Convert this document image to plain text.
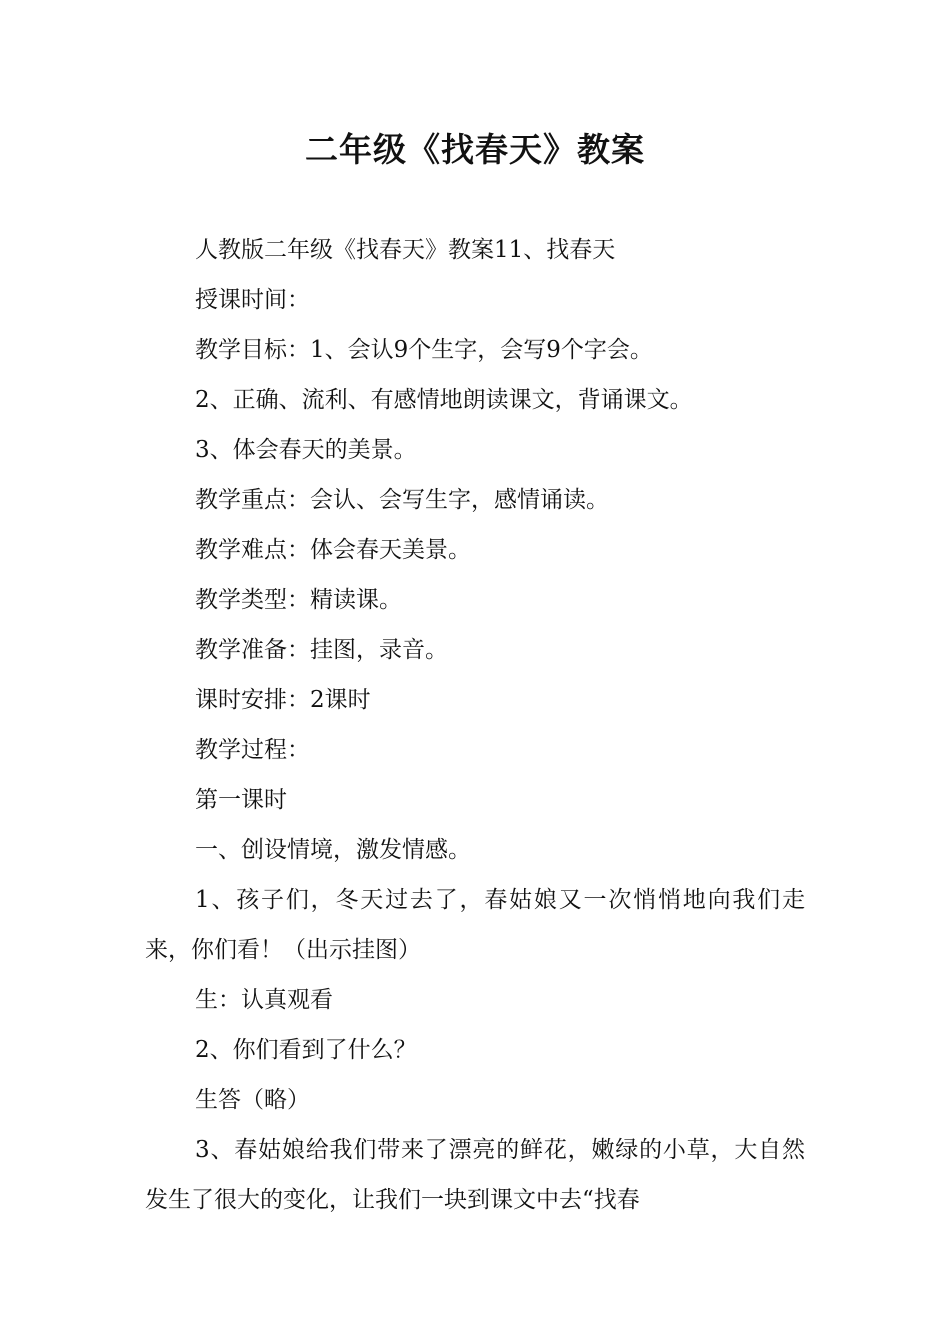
二年级《找春天》教案

人教版二年级《找春天》教案11、找春天

授课时间：

教学目标：1、会认9个生字，会写9个字会。

2、正确、流利、有感情地朗读课文，背诵课文。

3、体会春天的美景。

教学重点：会认、会写生字，感情诵读。

教学难点：体会春天美景。

教学类型：精读课。

教学准备：挂图，录音。

课时安排：2课时

教学过程：

第一课时

一、创设情境，激发情感。

1、孩子们，冬天过去了，春姑娘又一次悄悄地向我们走来，你们看！（出示挂图）

生：认真观看

2、你们看到了什么？

生答（略）

3、春姑娘给我们带来了漂亮的鲜花，嫩绿的小草，大自然发生了很大的变化，让我们一块到课文中去“找春
